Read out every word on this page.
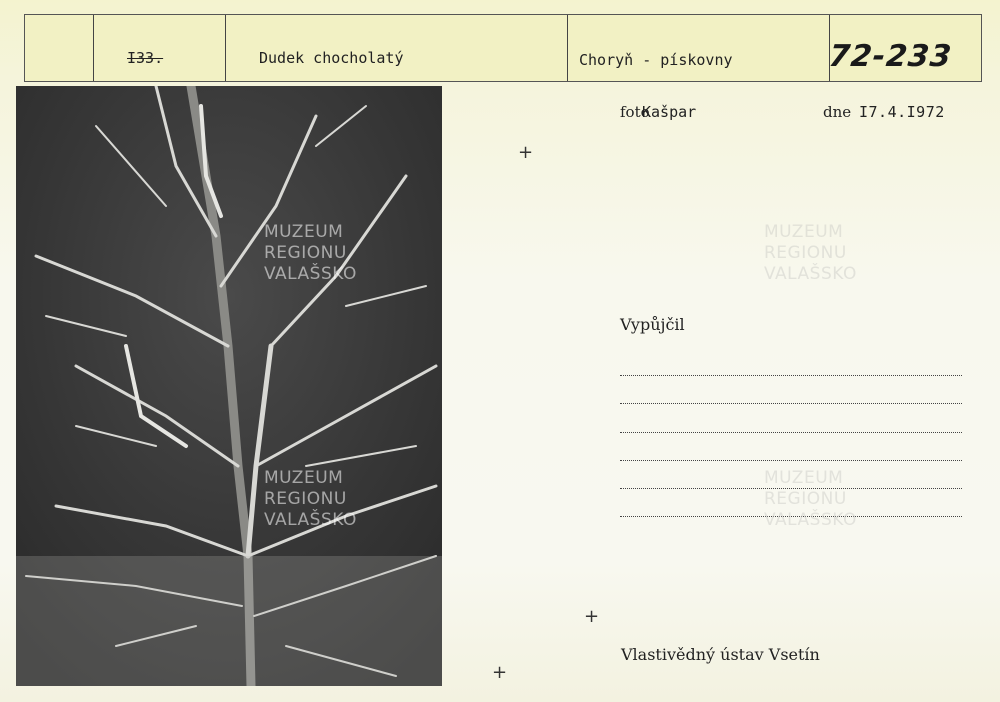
I33.	Dudek chocholatý	Choryň - pískovny	72-233
MUZEUM
REGIONU
VALAŠSKO
MUZEUM
REGIONU
VALAŠSKO
foto
Kašpar	dne I7.4.I972
+
+
+
Vypůjčil
Vlastivědný ústav Vsetín
MUZEUM
REGIONU
VALAŠSKO
MUZEUM
REGIONU
VALAŠSKO
